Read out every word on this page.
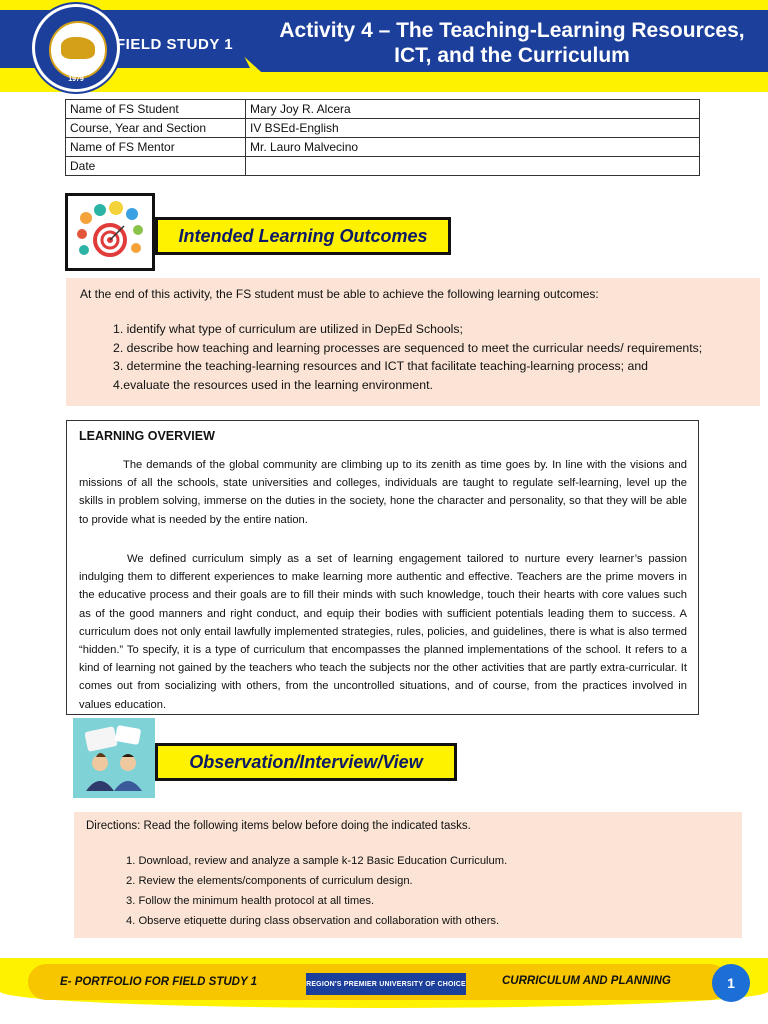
1979
FIELD STUDY 1
Activity 4 – The Teaching-Learning Resources,
ICT, and the Curriculum
Name of FS Student	Mary Joy R. Alcera
Course, Year and Section	IV BSEd-English
Name of FS Mentor	Mr. Lauro Malvecino
Date	
Intended Learning Outcomes
At the end of this activity, the FS student must be able to achieve the following learning outcomes:
1. identify what type of curriculum are utilized in DepEd Schools;
2. describe how teaching and learning processes are sequenced to meet the curricular needs/ requirements;
3. determine the teaching-learning resources and ICT that facilitate teaching-learning process; and
4.evaluate the resources used in the learning environment.
LEARNING OVERVIEW

The demands of the global community are climbing up to its zenith as time goes by. In line with the visions and missions of all the schools, state universities and colleges, individuals are taught to regulate self-learning, level up the skills in problem solving, immerse on the duties in the society, hone the character and personality, so that they will be able to provide what is needed by the entire nation.

We defined curriculum simply as a set of learning engagement tailored to nurture every learner’s passion indulging them to different experiences to make learning more authentic and effective. Teachers are the prime movers in the educative process and their goals are to fill their minds with such knowledge, touch their hearts with core values such as of the good manners and right conduct, and equip their bodies with sufficient potentials leading them to success. A curriculum does not only entail lawfully implemented strategies, rules, policies, and guidelines, there is what is also termed “hidden.” To specify, it is a type of curriculum that encompasses the planned implementations of the school. It refers to a kind of learning not gained by the teachers who teach the subjects nor the other activities that are partly extra-curricular. It comes out from socializing with others, from the uncontrolled situations, and of course, from the practices involved in values education.

Observation/Interview/View
Directions: Read the following items below before doing the indicated tasks.
1. Download, review and analyze a sample k-12 Basic Education Curriculum.
2. Review the elements/components of curriculum design.
3. Follow the minimum health protocol at all times.
4. Observe etiquette during class observation and collaboration with others.
E- PORTFOLIO FOR FIELD STUDY 1	REGION'S PREMIER UNIVERSITY OF CHOICE	CURRICULUM AND PLANNING	1
